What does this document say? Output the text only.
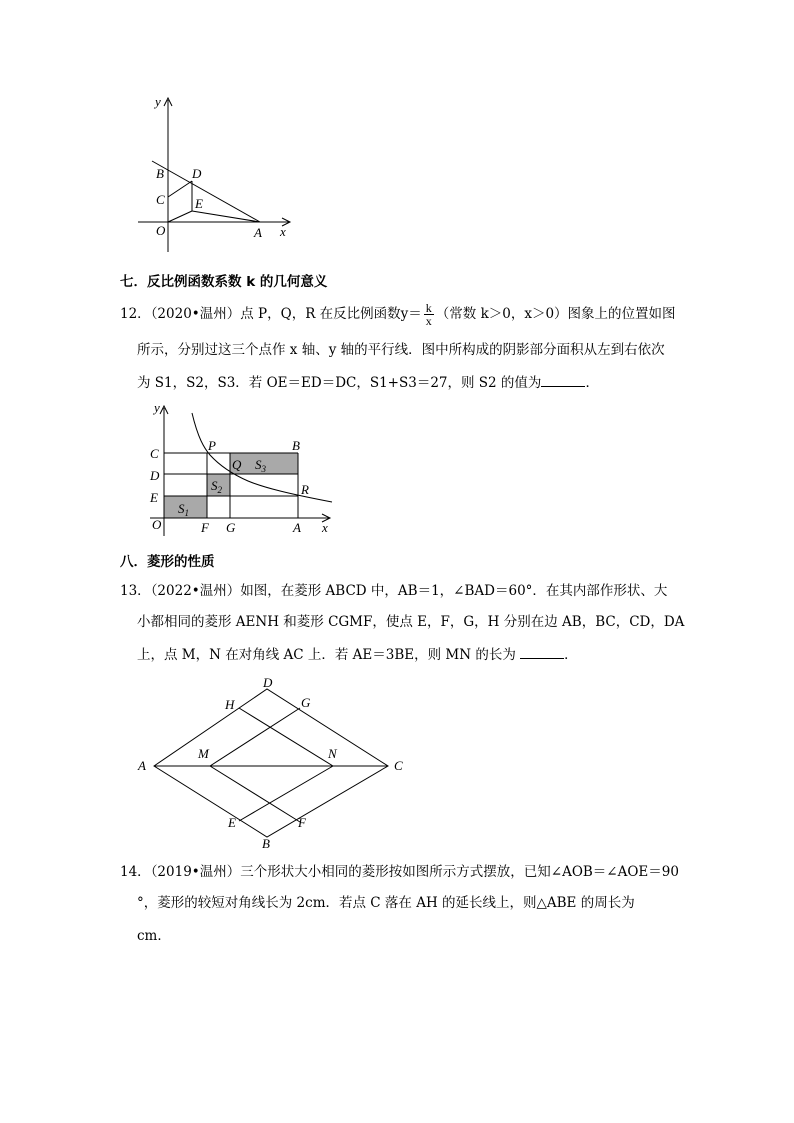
y
x
B D
C E
O	A
七．反比例函数系数 k 的几何意义
12．（2020•温州）点 P，Q，R 在反比例函数$y= \frac{k}{x}$ （常数 k＞0，x＞0）图象上的位置如图
所示，分别过这三个点作 x 轴、y 轴的平行线．图中所构成的阴影部分面积从左到右依次
为 S1，S2，S3．若 OE＝ED＝DC，S1+S3＝27，则 S2 的值为	．
y
x
C
D
E
O
P	B
Q $S_3$
$S_2$	R
$S_1$
F G	A
八．菱形的性质
13．（2022•温州）如图，在菱形 ABCD 中，AB＝1，∠BAD＝60°．在其内部作形状、大
小都相同的菱形 AENH 和菱形 CGMF，使点 E，F，G，H 分别在边 AB，BC，CD，DA
上，点 M，N 在对角线 AC 上．若 AE＝3BE，则 MN 的长为	．
D
H	G
A
M	N
C
E	F
B
14．（2019•温州）三个形状大小相同的菱形按如图所示方式摆放，已知∠AOB＝∠AOE＝90
°，菱形的较短对角线长为 2cm．若点 C 落在 AH 的延长线上，则△ABE 的周长为
cm．
